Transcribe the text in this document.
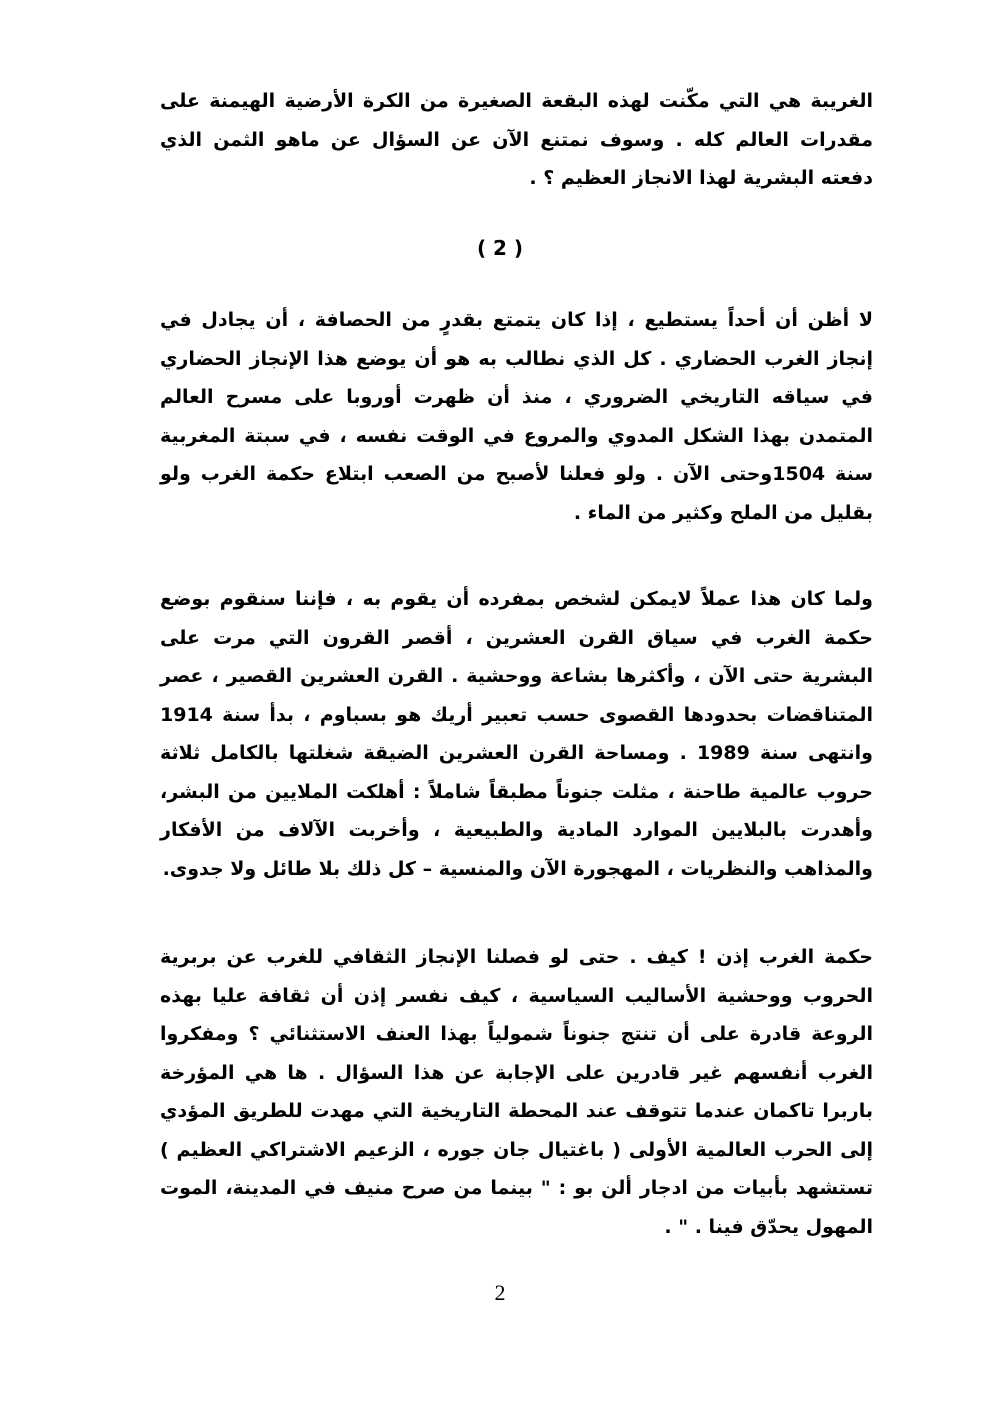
الغريبة هي التي مكّنت لهذه البقعة الصغيرة من الكرة الأرضية الهيمنة على مقدرات العالم كله . وسوف نمتنع الآن عن السؤال عن ماهو الثمن الذي دفعته البشرية لهذا الانجاز العظيم ؟ .

( 2 )

لا أظن أن أحداً يستطيع ، إذا كان يتمتع بقدرٍ من الحصافة ، أن يجادل في إنجاز الغرب الحضاري . كل الذي نطالب به هو أن يوضع هذا الإنجاز الحضاري في سياقه التاريخي الضروري ، منذ أن ظهرت أوروبا على مسرح العالم المتمدن بهذا الشكل المدوي والمروع في الوقت نفسه ، في سبتة المغربية سنة 1504وحتى الآن . ولو فعلنا لأصبح من الصعب ابتلاع حكمة الغرب ولو بقليل من الملح وكثير من الماء .

ولما كان هذا عملاً لايمكن لشخص بمفرده أن يقوم به ، فإننا سنقوم بوضع حكمة الغرب في سياق القرن العشرين ، أقصر القرون التي مرت على البشرية حتى الآن ، وأكثرها بشاعة ووحشية . القرن العشرين القصير ، عصر المتناقضات بحدودها القصوى حسب تعبير أريك هو بسباوم ، بدأ سنة 1914 وانتهى سنة 1989 . ومساحة القرن العشرين الضيقة شغلتها بالكامل ثلاثة حروب عالمية طاحنة ، مثلت جنوناً مطبقاً شاملاً : أهلكت الملايين من البشر، وأهدرت بالبلايين الموارد المادية والطبيعية ، وأخربت الآلاف من الأفكار والمذاهب والنظريات ، المهجورة الآن والمنسية – كل ذلك بلا طائل ولا جدوى.

حكمة الغرب إذن ! كيف . حتى لو فصلنا الإنجاز الثقافي للغرب عن بربرية الحروب ووحشية الأساليب السياسية ، كيف نفسر إذن أن ثقافة عليا بهذه الروعة قادرة على أن تنتج جنوناً شمولياً بهذا العنف الاستثنائي ؟ ومفكروا الغرب أنفسهم غير قادرين على الإجابة عن هذا السؤال . ها هي المؤرخة باربرا تاكمان عندما تتوقف عند المحطة التاريخية التي مهدت للطريق المؤدي إلى الحرب العالمية الأولى ( باغتيال جان جوره ، الزعيم الاشتراكي العظيم ) تستشهد بأبيات من ادجار ألن بو : " بينما من صرح منيف في المدينة، الموت المهول يحدّق فينا . " .

2
